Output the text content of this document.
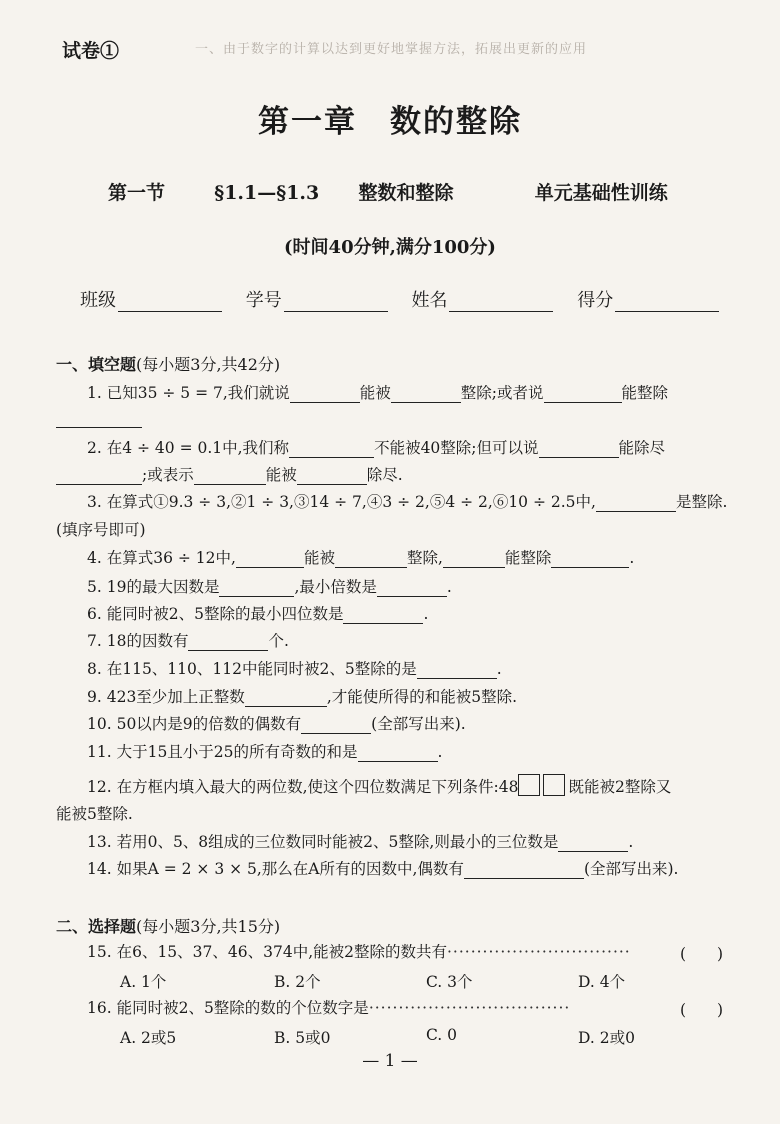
试卷①	一、由于数字的计算以达到更好地掌握方法，拓展出更新的应用
第一章　数的整除
第一节	§1.1—§1.3 整数和整除	单元基础性训练
(时间40分钟,满分100分)
班级	学号	姓名	得分
一、填空题(每小题3分,共42分)
1. 已知35 ÷ 5 = 7,我们就说	能被	整除;或者说	能整除
2. 在4 ÷ 40 = 0.1中,我们称	不能被40整除;但可以说	能除尽
;或表示	能被	除尽.
3. 在算式①9.3 ÷ 3,②1 ÷ 3,③14 ÷ 7,④3 ÷ 2,⑤4 ÷ 2,⑥10 ÷ 2.5中,	是整除.
(填序号即可)
4. 在算式36 ÷ 12中,	能被	整除,	能整除	.
5. 19的最大因数是	,最小倍数是	.
6. 能同时被2、5整除的最小四位数是	.
7. 18的因数有	个.
8. 在115、110、112中能同时被2、5整除的是	.
9. 423至少加上正整数	,才能使所得的和能被5整除.
10. 50以内是9的倍数的偶数有	(全部写出来).
11. 大于15且小于25的所有奇数的和是	.
12. 在方框内填入最大的两位数,使这个四位数满足下列条件:48	既能被2整除又
能被5整除.
13. 若用0、5、8组成的三位数同时能被2、5整除,则最小的三位数是	.
14. 如果A = 2 × 3 × 5,那么在A所有的因数中,偶数有	(全部写出来).
二、选择题(每小题3分,共15分)
15. 在6、15、37、46、374中,能被2整除的数共有·······························	(　　)
A. 1个	B. 2个	C. 3个	D. 4个
16. 能同时被2、5整除的数的个位数字是··································	(　　)
A. 2或5	B. 5或0	C. 0	D. 2或0
— 1 —
